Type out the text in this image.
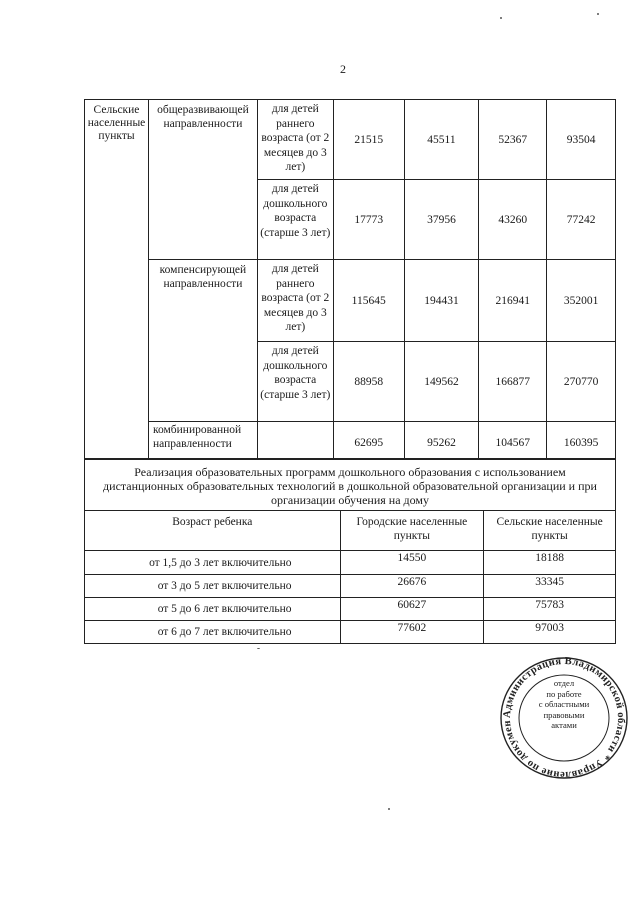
2
Сельские населенные пункты	общеразвивающей направленности	для детей раннего возраста (от 2 месяцев до 3 лет)	21515	45511	52367	93504
		для детей дошкольного возраста (старше 3 лет)	17773	37956	43260	77242
	компенсирующей направленности	для детей раннего возраста (от 2 месяцев до 3 лет)	115645	194431	216941	352001
		для детей дошкольного возраста (старше 3 лет)	88958	149562	166877	270770
	комбинированной направленности		62695	95262	104567	160395
Реализация образовательных программ дошкольного образования с использованием дистанционных образовательных технологий в дошкольной образовательной организации и при организации обучения на дому		
Возраст ребенка	Городские населенные пункты	Сельские населенные пункты
от 1,5 до 3 лет включительно	14550	18188
от 3 до 5 лет включительно	26676	33345
от 5 до 6 лет включительно	60627	75783
от 6 до 7 лет включительно	77602	97003
Администрация Владимирской области * Управление по докумен
отдел
по работе
с областными
правовыми
актами
